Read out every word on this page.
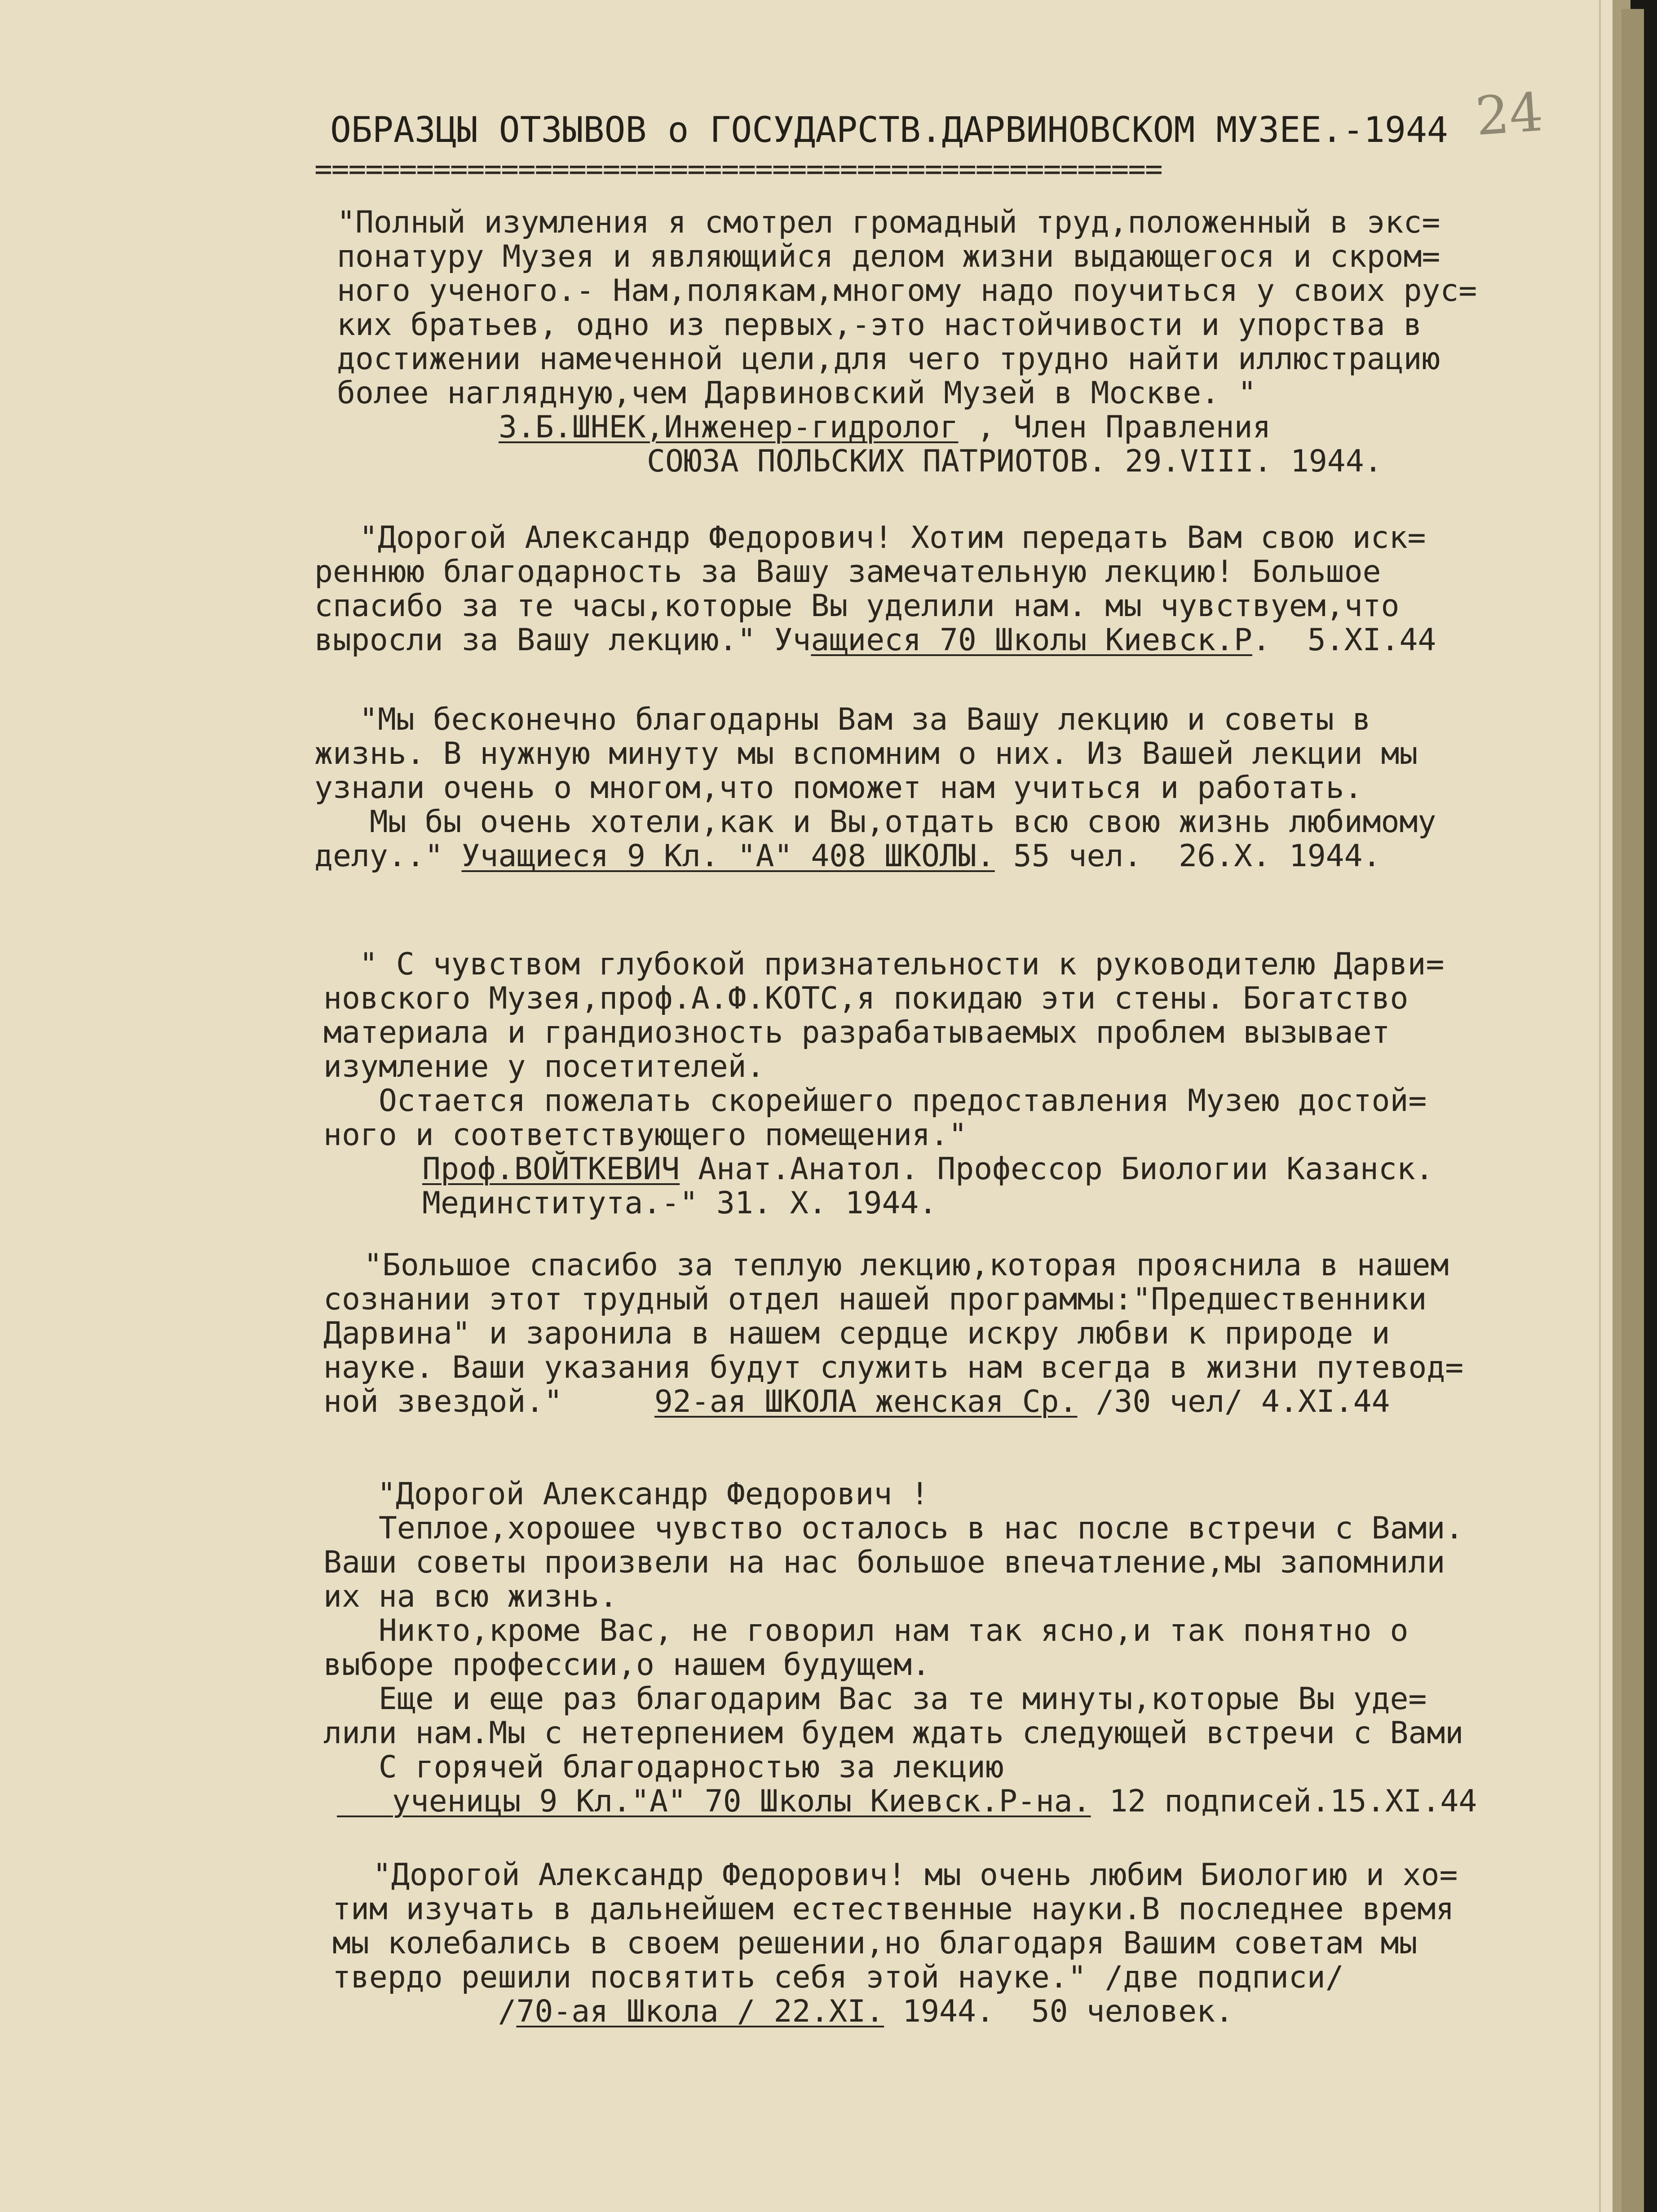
24
ОБРАЗЦЫ ОТЗЫВОВ о ГОСУДАРСТВ.ДАРВИНОВСКОМ МУЗЕЕ.-1944
==================================================
"Полный изумления я смотрел громадный труд,положенный в экс=
понатуру Музея и являющийся делом жизни выдающегося и скром=
ного ученого.- Нам,полякам,многому надо поучиться у своих рус=
ких братьев, одно из первых,-это настойчивости и упорства в
достижении намеченной цели,для чего трудно найти иллюстрацию
более наглядную,чем Дарвиновский Музей в Москве. "
З.Б.ШНЕК,Инженер-гидролог , Член Правления
СОЮЗА ПОЛЬСКИХ ПАТРИОТОВ. 29.VIII. 1944.
"Дорогой Александр Федорович! Хотим передать Вам свою иск=
реннюю благодарность за Вашу замечательную лекцию! Большое
спасибо за те часы,которые Вы уделили нам. мы чувствуем,что
выросли за Вашу лекцию." Учащиеся 70 Школы Киевск.Р.  5.XI.44
"Мы бесконечно благодарны Вам за Вашу лекцию и советы в
жизнь. В нужную минуту мы вспомним о них. Из Вашей лекции мы
узнали очень о многом,что поможет нам учиться и работать.
Мы бы очень хотели,как и Вы,отдать всю свою жизнь любимому
делу.." Учащиеся 9 Кл. "А" 408 ШКОЛЫ. 55 чел.  26.X. 1944.
" С чувством глубокой признательности к руководителю Дарви=
новского Музея,проф.А.Ф.КОТС,я покидаю эти стены. Богатство
материала и грандиозность разрабатываемых проблем вызывает
изумление у посетителей.
Остается пожелать скорейшего предоставления Музею достой=
ного и соответствующего помещения."
Проф.ВОЙТКЕВИЧ Анат.Анатол. Профессор Биологии Казанск.
Мединститута.-" 31. X. 1944.
"Большое спасибо за теплую лекцию,которая прояснила в нашем
сознании этот трудный отдел нашей программы:"Предшественники
Дарвина" и заронила в нашем сердце искру любви к природе и
науке. Ваши указания будут служить нам всегда в жизни путевод=
ной звездой."     92-ая ШКОЛА женская Ср. /30 чел/ 4.XI.44
"Дорогой Александр Федорович !
Теплое,хорошее чувство осталось в нас после встречи с Вами.
Ваши советы произвели на нас большое впечатление,мы запомнили
их на всю жизнь.
Никто,кроме Вас, не говорил нам так ясно,и так понятно о
выборе профессии,о нашем будущем.
Еще и еще раз благодарим Вас за те минуты,которые Вы уде=
лили нам.Мы с нетерпением будем ждать следующей встречи с Вами
С горячей благодарностью за лекцию
ученицы 9 Кл."А" 70 Школы Киевск.Р-на. 12 подписей.15.XI.44
"Дорогой Александр Федорович! мы очень любим Биологию и хо=
тим изучать в дальнейшем естественные науки.В последнее время
мы колебались в своем решении,но благодаря Вашим советам мы
твердо решили посвятить себя этой науке." /две подписи/
/70-ая Школа / 22.XI. 1944.  50 человек.
